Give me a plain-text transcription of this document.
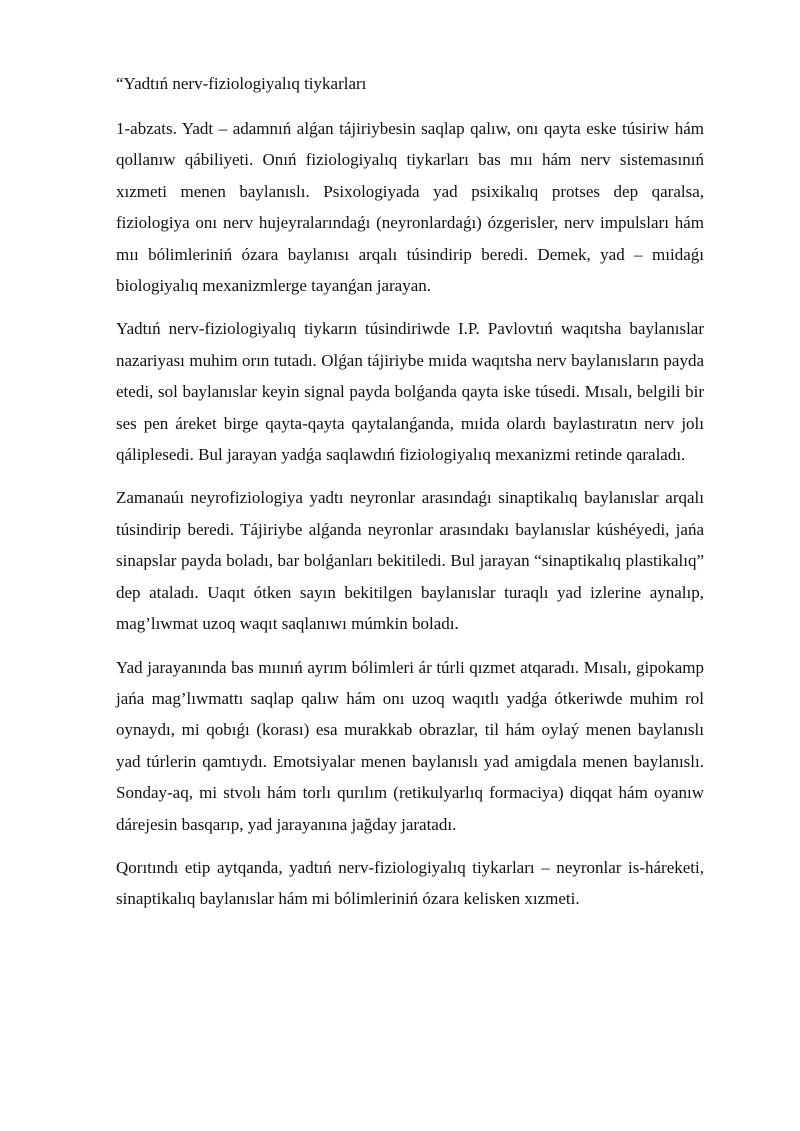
“Yadtıń nerv-fiziologiyalıq tiykarları

1-abzats. Yadt – adamnıń alǵan tájiriybesin saqlap qalıw, onı qayta eske túsiriw hám qollanıw qábiliyeti. Onıń fiziologiyalıq tiykarları bas mıı hám nerv sistemasınıń xızmeti menen baylanıslı. Psixologiyada yad psixikalıq protses dep qaralsa, fiziologiya onı nerv hujeyralarındaǵı (neyronlardaǵı) ózgerisler, nerv impulsları hám mıı bólimleriniń ózara baylanısı arqalı túsindirip beredi. Demek, yad – mıidaǵı biologiyalıq mexanizmlerge tayanǵan jarayan.

Yadtıń nerv-fiziologiyalıq tiykarın túsindiriwde I.P. Pavlovtıń waqıtsha baylanıslar nazariyası muhim orın tutadı. Olǵan tájiriybe mıida waqıtsha nerv baylanısların payda etedi, sol baylanıslar keyin signal payda bolǵanda qayta iske túsedi. Mısalı, belgili bir ses pen áreket birge qayta-qayta qaytalanǵanda, mıida olardı baylastıratın nerv jolı qáliplesedi. Bul jarayan yadǵa saqlawdıń fiziologiyalıq mexanizmi retinde qaraladı.

Zamanaúı neyrofiziologiya yadtı neyronlar arasındaǵı sinaptikalıq baylanıslar arqalı túsindirip beredi. Tájiriybe alǵanda neyronlar arasındakı baylanıslar kúshéyedi, jańa sinapslar payda boladı, bar bolǵanları bekitiledi. Bul jarayan “sinaptikalıq plastikalıq” dep ataladı. Uaqıt ótken sayın bekitilgen baylanıslar turaqlı yad izlerine aynalıp, mag’lıwmat uzoq waqıt saqlanıwı múmkin boladı.

Yad jarayanında bas mıınıń ayrım bólimleri ár túrli qızmet atqaradı. Mısalı, gipokamp jańa mag’lıwmattı saqlap qalıw hám onı uzoq waqıtlı yadǵa ótkeriwde muhim rol oynaydı, mi qobıǵı (korası) esa murakkab obrazlar, til hám oylaý menen baylanıslı yad túrlerin qamtıydı. Emotsiyalar menen baylanıslı yad amigdala menen baylanıslı. Sonday-aq, mi stvolı hám torlı qurılım (retikulyarlıq formaciya) diqqat hám oyanıw dárejesin basqarıp, yad jarayanına jağday jaratadı.

Qorıtındı etip aytqanda, yadtıń nerv-fiziologiyalıq tiykarları – neyronlar is-háreketi, sinaptikalıq baylanıslar hám mi bólimleriniń ózara kelisken xızmeti.
